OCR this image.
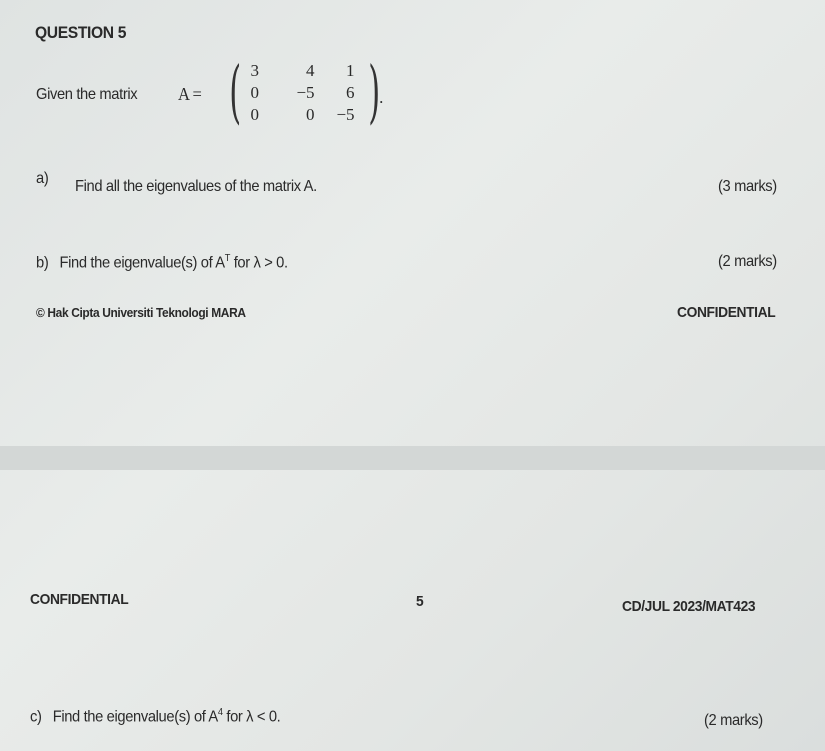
QUESTION 5
Given the matrix A = ( 3	4	1
0	−5	6
0	0	−5 ) .
a) Find all the eigenvalues of the matrix A.	(3 marks)
b) Find the eigenvalue(s) of $A^T$ for λ > 0.	(2 marks)
© Hak Cipta Universiti Teknologi MARA	CONFIDENTIAL
CONFIDENTIAL	5	CD/JUL 2023/MAT423
c) Find the eigenvalue(s) of $A^4$ for λ < 0.	(2 marks)
